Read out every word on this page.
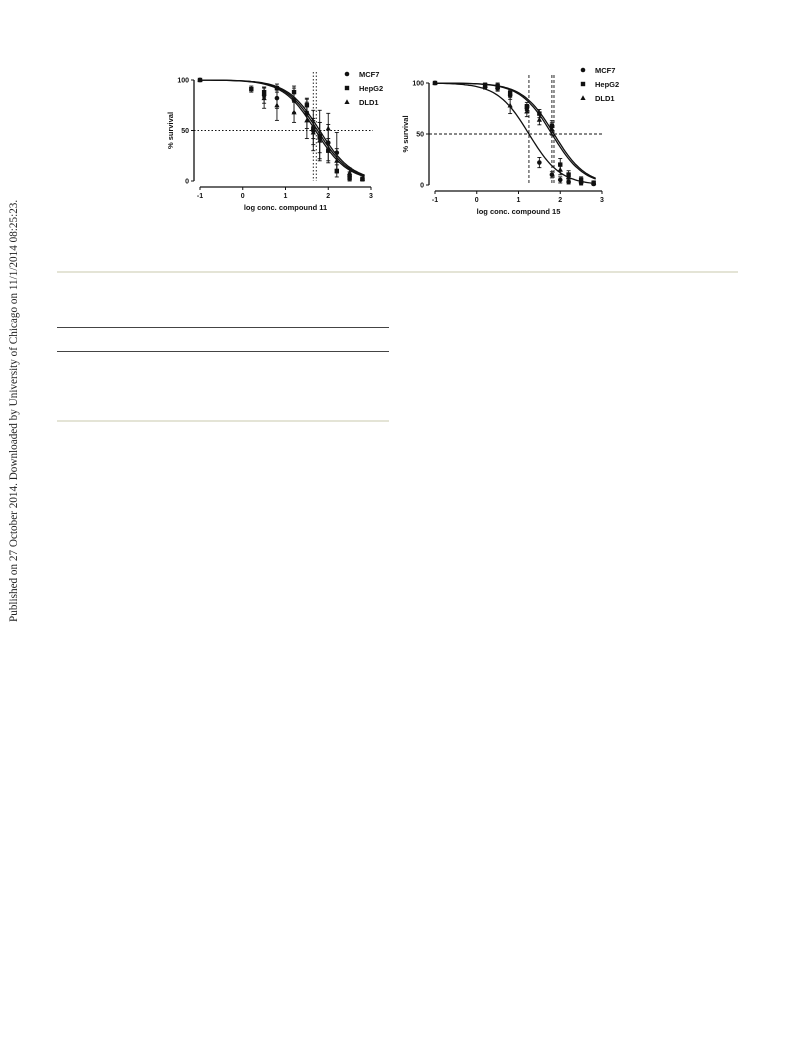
Published on 27 October 2014. Downloaded by University of Chicago on 11/1/2014 08:25:23.
0
50
100
-1	0	1	2	3
log conc. compound 11
% survival
MCF7
HepG2
DLD1
0
50
100
-1	0	1	2	3
log conc. compound 15
% survival
MCF7
HepG2
DLD1
